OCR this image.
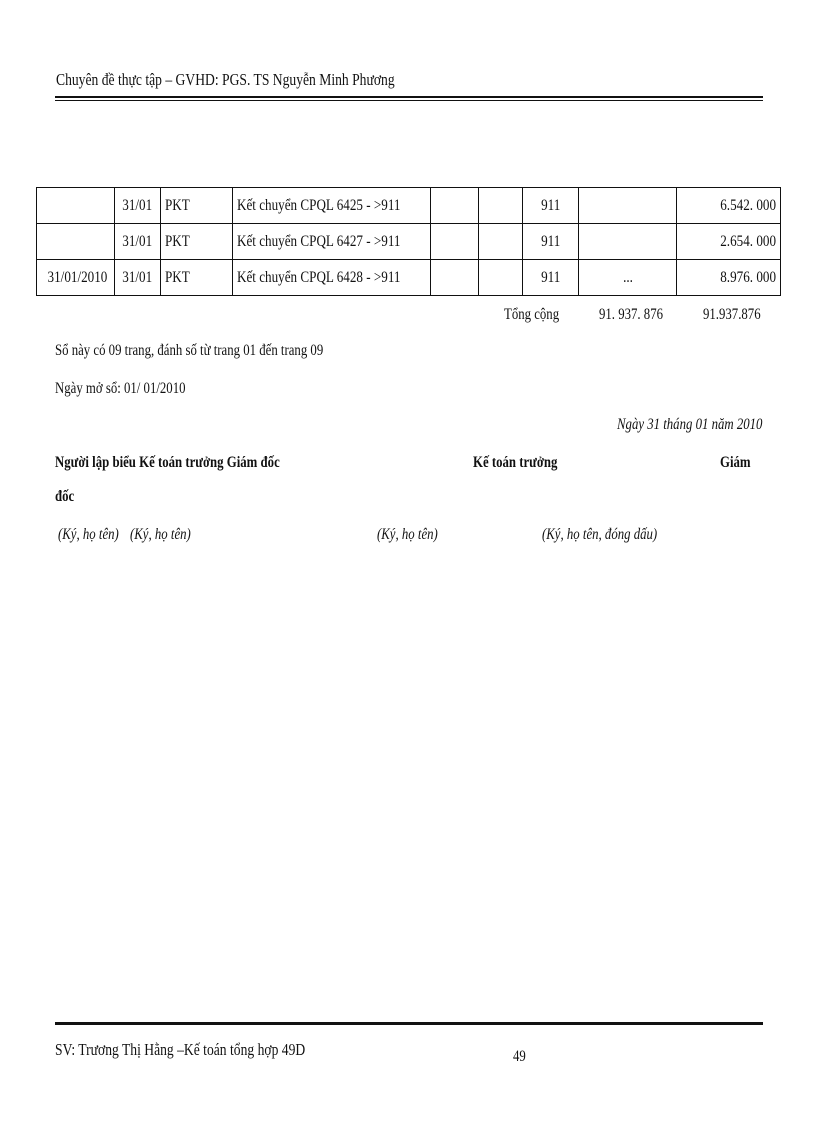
Chuyên đề thực tập – GVHD: PGS. TS Nguyễn Minh Phương
	31/01	PKT	Kết chuyển CPQL 6425 - >911			911		6.542. 000
	31/01	PKT	Kết chuyển CPQL 6427 - >911			911		2.654. 000
31/01/2010	31/01	PKT	Kết chuyển CPQL 6428 - >911			911	...	8.976. 000
Tổng cộng 91. 937. 876	91.937.876
Sổ này có 09 trang, đánh số từ trang 01 đến trang 09
Ngày mở sổ: 01/ 01/2010
Ngày 31 tháng 01 năm 2010
Người lập biểu Kế toán trưởng Giám đốc	Kế toán trưởng	Giám
đốc
(Ký, họ tên) (Ký, họ tên)	(Ký, họ tên)	(Ký, họ tên, đóng dấu)
SV: Trương Thị Hằng –Kế toán tổng hợp 49D	49
